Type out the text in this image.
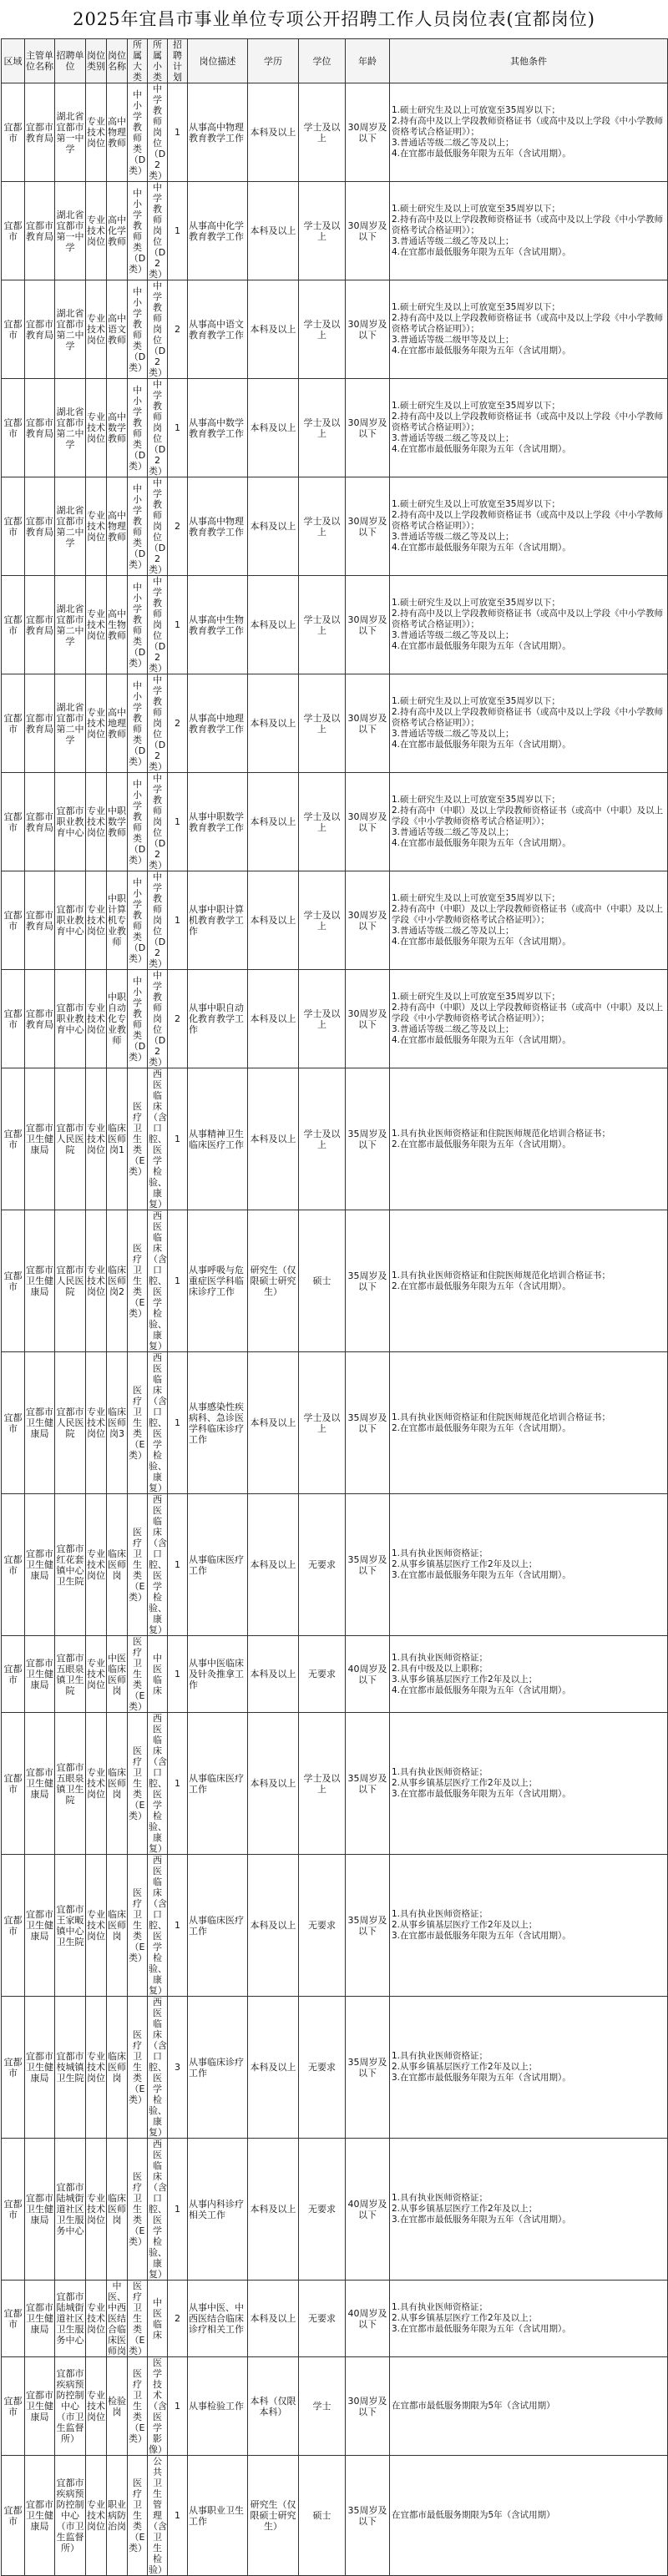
2025年宜昌市事业单位专项公开招聘工作人员岗位表(宜都岗位)
区域	主管单位名称	招聘单位	岗位类别	岗位名称	所属大类	所属小类	招聘计划	岗位描述	学历	学位	年龄	其他条件
宜都市	宜都市教育局	湖北省宜都市第一中学	专业技术岗位	高中物理教师	中小学教师类（D类）	中学教师岗位（D2类）	1	从事高中物理教育教学工作	本科及以上	学士及以上	30周岁及以下	1.硕士研究生及以上可放宽至35周岁以下；
2.持有高中及以上学段教师资格证书（或高中及以上学段《中小学教师资格考试合格证明》）；
3.普通话等级二级乙等及以上；
4.在宜都市最低服务年限为五年（含试用期）。
宜都市	宜都市教育局	湖北省宜都市第一中学	专业技术岗位	高中化学教师	中小学教师类（D类）	中学教师岗位（D2类）	1	从事高中化学教育教学工作	本科及以上	学士及以上	30周岁及以下	1.硕士研究生及以上可放宽至35周岁以下；
2.持有高中及以上学段教师资格证书（或高中及以上学段《中小学教师资格考试合格证明》）；
3.普通话等级二级乙等及以上；
4.在宜都市最低服务年限为五年（含试用期）。
宜都市	宜都市教育局	湖北省宜都市第二中学	专业技术岗位	高中语文教师	中小学教师类（D类）	中学教师岗位（D2类）	2	从事高中语文教育教学工作	本科及以上	学士及以上	30周岁及以下	1.硕士研究生及以上可放宽至35周岁以下；
2.持有高中及以上学段教师资格证书（或高中及以上学段《中小学教师资格考试合格证明》）；
3.普通话等级二级甲等及以上；
4.在宜都市最低服务年限为五年（含试用期）。
宜都市	宜都市教育局	湖北省宜都市第二中学	专业技术岗位	高中数学教师	中小学教师类（D类）	中学教师岗位（D2类）	1	从事高中数学教育教学工作	本科及以上	学士及以上	30周岁及以下	1.硕士研究生及以上可放宽至35周岁以下；
2.持有高中及以上学段教师资格证书（或高中及以上学段《中小学教师资格考试合格证明》）；
3.普通话等级二级乙等及以上；
4.在宜都市最低服务年限为五年（含试用期）。
宜都市	宜都市教育局	湖北省宜都市第二中学	专业技术岗位	高中物理教师	中小学教师类（D类）	中学教师岗位（D2类）	2	从事高中物理教育教学工作	本科及以上	学士及以上	30周岁及以下	1.硕士研究生及以上可放宽至35周岁以下；
2.持有高中及以上学段教师资格证书（或高中及以上学段《中小学教师资格考试合格证明》）；
3.普通话等级二级乙等及以上；
4.在宜都市最低服务年限为五年（含试用期）。
宜都市	宜都市教育局	湖北省宜都市第二中学	专业技术岗位	高中生物教师	中小学教师类（D类）	中学教师岗位（D2类）	1	从事高中生物教育教学工作	本科及以上	学士及以上	30周岁及以下	1.硕士研究生及以上可放宽至35周岁以下；
2.持有高中及以上学段教师资格证书（或高中及以上学段《中小学教师资格考试合格证明》）；
3.普通话等级二级乙等及以上；
4.在宜都市最低服务年限为五年（含试用期）。
宜都市	宜都市教育局	湖北省宜都市第二中学	专业技术岗位	高中地理教师	中小学教师类（D类）	中学教师岗位（D2类）	2	从事高中地理教育教学工作	本科及以上	学士及以上	30周岁及以下	1.硕士研究生及以上可放宽至35周岁以下；
2.持有高中及以上学段教师资格证书（或高中及以上学段《中小学教师资格考试合格证明》）；
3.普通话等级二级乙等及以上；
4.在宜都市最低服务年限为五年（含试用期）。
宜都市	宜都市教育局	宜都市职业教育中心	专业技术岗位	中职数学教师	中小学教师类（D类）	中学教师岗位（D2类）	1	从事中职数学教育教学工作	本科及以上	学士及以上	30周岁及以下	1.硕士研究生及以上可放宽至35周岁以下；
2.持有高中（中职）及以上学段教师资格证书（或高中（中职）及以上学段《中小学教师资格考试合格证明》）；
3.普通话等级二级乙等及以上；
4.在宜都市最低服务年限为五年（含试用期）。
宜都市	宜都市教育局	宜都市职业教育中心	专业技术岗位	中职计算机专业教师	中小学教师类（D类）	中学教师岗位（D2类）	1	从事中职计算机教育教学工作	本科及以上	学士及以上	30周岁及以下	1.硕士研究生及以上可放宽至35周岁以下；
2.持有高中（中职）及以上学段教师资格证书（或高中（中职）及以上学段《中小学教师资格考试合格证明》）；
3.普通话等级二级乙等及以上；
4.在宜都市最低服务年限为五年（含试用期）。
宜都市	宜都市教育局	宜都市职业教育中心	专业技术岗位	中职自动化专业教师	中小学教师类（D类）	中学教师岗位（D2类）	2	从事中职自动化教育教学工作	本科及以上	学士及以上	30周岁及以下	1.硕士研究生及以上可放宽至35周岁以下；
2.持有高中（中职）及以上学段教师资格证书（或高中（中职）及以上学段《中小学教师资格考试合格证明》）；
3.普通话等级二级乙等及以上；
4.在宜都市最低服务年限为五年（含试用期）。
宜都市	宜都市卫生健康局	宜都市人民医院	专业技术岗位	临床医师岗1	医疗卫生类（E类）	西医临床（含口腔、医学检验、康复）	1	从事精神卫生临床医疗工作	本科及以上	学士及以上	35周岁及以下	1.具有执业医师资格证和住院医师规范化培训合格证书；
2.在宜都市最低服务年限为五年（含试用期）。
宜都市	宜都市卫生健康局	宜都市人民医院	专业技术岗位	临床医师岗2	医疗卫生类（E类）	西医临床（含口腔、医学检验、康复）	1	从事呼吸与危重症医学科临床诊疗工作	研究生（仅限硕士研究生）	硕士	35周岁及以下	1.具有执业医师资格证和住院医师规范化培训合格证书；
2.在宜都市最低服务年限为五年（含试用期）。
宜都市	宜都市卫生健康局	宜都市人民医院	专业技术岗位	临床医师岗3	医疗卫生类（E类）	西医临床（含口腔、医学检验、康复）	1	从事感染性疾病科、急诊医学科临床诊疗工作	本科及以上	学士及以上	35周岁及以下	1.具有执业医师资格证和住院医师规范化培训合格证书；
2.在宜都市最低服务年限为五年（含试用期）。
宜都市	宜都市卫生健康局	宜都市红花套镇中心卫生院	专业技术岗位	临床医师岗	医疗卫生类（E类）	西医临床（含口腔、医学检验、康复）	1	从事临床医疗工作	本科及以上	无要求	35周岁及以下	1.具有执业医师资格证；
2.从事乡镇基层医疗工作2年及以上；
3.在宜都市最低服务年限为五年（含试用期）。
宜都市	宜都市卫生健康局	宜都市五眼泉镇卫生院	专业技术岗位	中医临床医师岗	医疗卫生类（E类）	中医临床	1	从事中医临床及针灸推拿工作	本科及以上	无要求	40周岁及以下	1.具有执业医师资格证；
2.具有中级及以上职称；
3.从事乡镇基层医疗工作2年及以上；
4.在宜都市最低服务年限为五年（含试用期）。
宜都市	宜都市卫生健康局	宜都市五眼泉镇卫生院	专业技术岗位	临床医师岗	医疗卫生类（E类）	西医临床（含口腔、医学检验、康复）	1	从事临床医疗工作	本科及以上	学士及以上	35周岁及以下	1.具有执业医师资格证；
2.从事乡镇基层医疗工作2年及以上；
3.在宜都市最低服务年限为五年（含试用期）。
宜都市	宜都市卫生健康局	宜都市王家畈镇中心卫生院	专业技术岗位	临床医师岗	医疗卫生类（E类）	西医临床（含口腔、医学检验、康复）	1	从事临床医疗工作	本科及以上	无要求	35周岁及以下	1.具有执业医师资格证；
2.从事乡镇基层医疗工作2年及以上；
3.在宜都市最低服务年限为五年（含试用期）。
宜都市	宜都市卫生健康局	宜都市枝城镇卫生院	专业技术岗位	临床医师岗	医疗卫生类（E类）	西医临床（含口腔、医学检验、康复）	3	从事临床诊疗工作	本科及以上	无要求	35周岁及以下	1.具有执业医师资格证；
2.从事乡镇基层医疗工作2年及以上；
3.在宜都市最低服务年限为五年（含试用期）。
宜都市	宜都市卫生健康局	宜都市陆城街道社区卫生服务中心	专业技术岗位	临床医师岗	医疗卫生类（E类）	西医临床（含口腔、医学检验、康复）	1	从事内科诊疗相关工作	本科及以上	无要求	40周岁及以下	1.具有执业医师资格证；
2.从事乡镇基层医疗工作2年及以上；
3.在宜都市最低服务年限为五年（含试用期）。
宜都市	宜都市卫生健康局	宜都市陆城街道社区卫生服务中心	专业技术岗位	中医、中西医结合临床医师岗	医疗卫生类（E类）	中医临床	2	从事中医、中西医结合临床诊疗相关工作	本科及以上	无要求	40周岁及以下	1.具有执业医师资格证；
2.从事乡镇基层医疗工作2年及以上；
3.在宜都市最低服务年限为五年（含试用期）。
宜都市	宜都市卫生健康局	宜都市疾病预防控制中心（市卫生监督所）	专业技术岗位	检验岗	医疗卫生类（E类）	医学技术（含医学影像）	1	从事检验工作	本科（仅限本科）	学士	30周岁及以下	在宜都市最低服务期限为5年（含试用期）
宜都市	宜都市卫生健康局	宜都市疾病预防控制中心（市卫生监督所）	专业技术岗位	职业病防治岗	医疗卫生类（E类）	公共卫生管理（含卫生检验）	1	从事职业卫生工作	研究生（仅限硕士研究生）	硕士	35周岁及以下	在宜都市最低服务期限为5年（含试用期）
